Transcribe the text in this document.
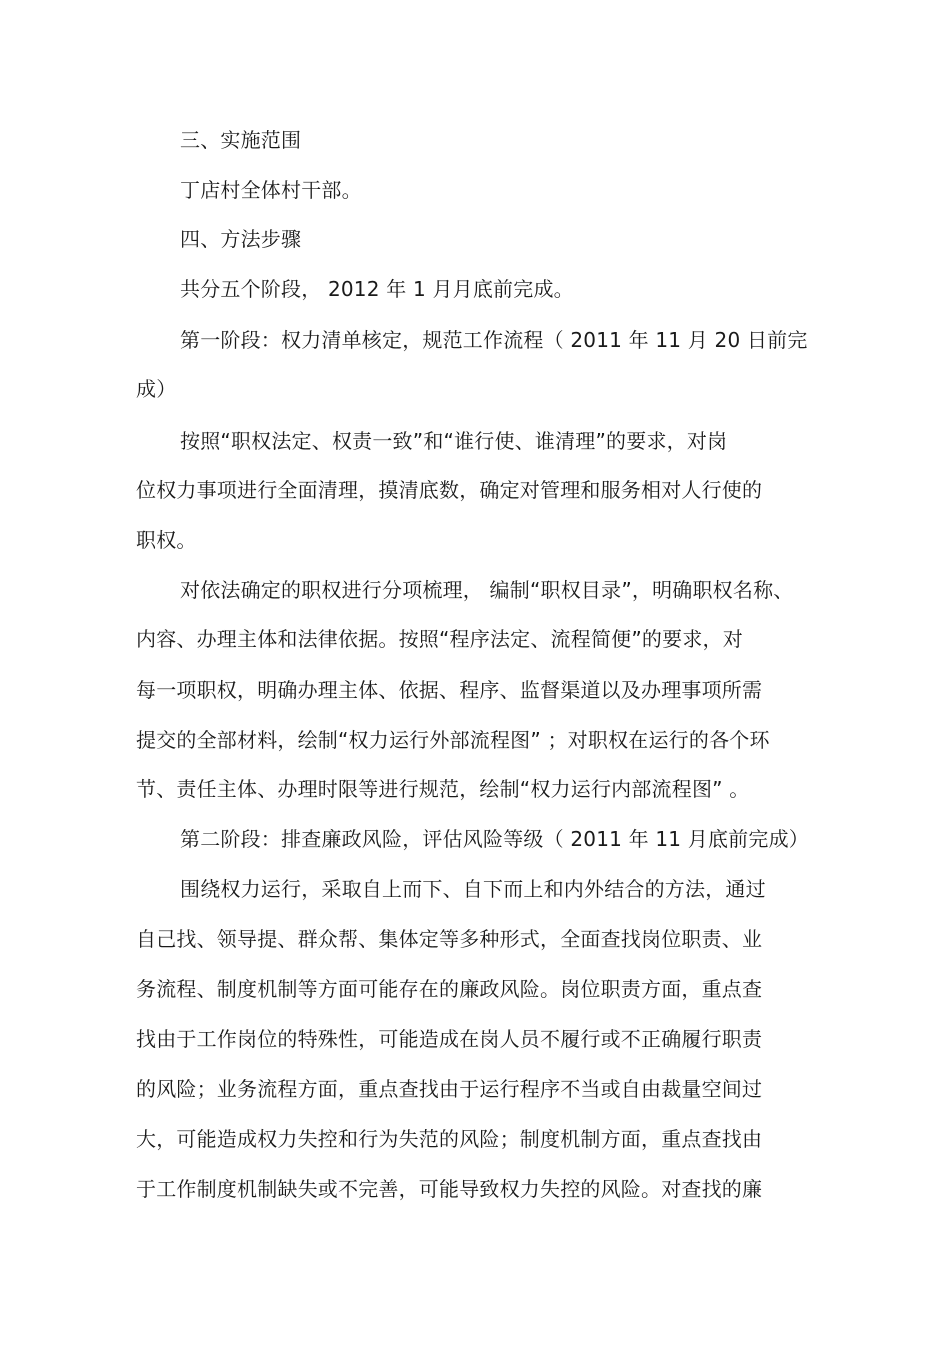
三、实施范围
丁店村全体村干部。
四、方法步骤
共分五个阶段， 2012 年 1 月月底前完成。
第一阶段：权力清单核定，规范工作流程（ 2011 年 11 月 20 日前完
成）
按照“职权法定、权责一致”和“谁行使、谁清理”的要求，对岗
位权力事项进行全面清理，摸清底数，确定对管理和服务相对人行使的
职权。
对依法确定的职权进行分项梳理， 编制“职权目录”，明确职权名称、
内容、办理主体和法律依据。按照“程序法定、流程简便”的要求，对
每一项职权，明确办理主体、依据、程序、监督渠道以及办理事项所需
提交的全部材料，绘制“权力运行外部流程图” ；对职权在运行的各个环
节、责任主体、办理时限等进行规范，绘制“权力运行内部流程图” 。
第二阶段：排查廉政风险，评估风险等级（ 2011 年 11 月底前完成）
围绕权力运行，采取自上而下、自下而上和内外结合的方法，通过
自己找、领导提、群众帮、集体定等多种形式，全面查找岗位职责、业
务流程、制度机制等方面可能存在的廉政风险。岗位职责方面，重点查
找由于工作岗位的特殊性，可能造成在岗人员不履行或不正确履行职责
的风险；业务流程方面，重点查找由于运行程序不当或自由裁量空间过
大，可能造成权力失控和行为失范的风险；制度机制方面，重点查找由
于工作制度机制缺失或不完善，可能导致权力失控的风险。对查找的廉
